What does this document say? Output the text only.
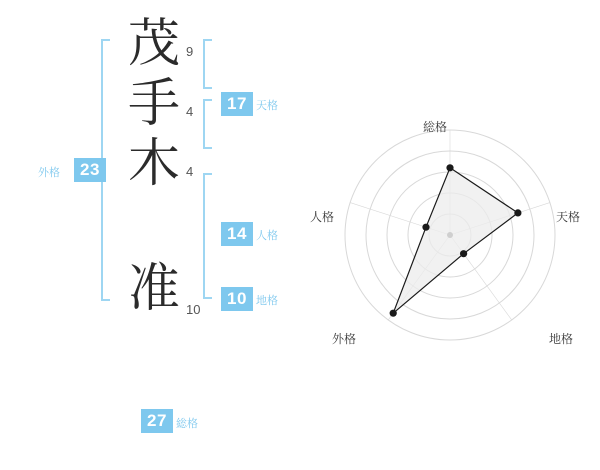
茂
手
木
准
9
4
4
10
17 天格
14 人格
10 地格
23
外格
27 総格
総格
天格
地格
外格
人格
